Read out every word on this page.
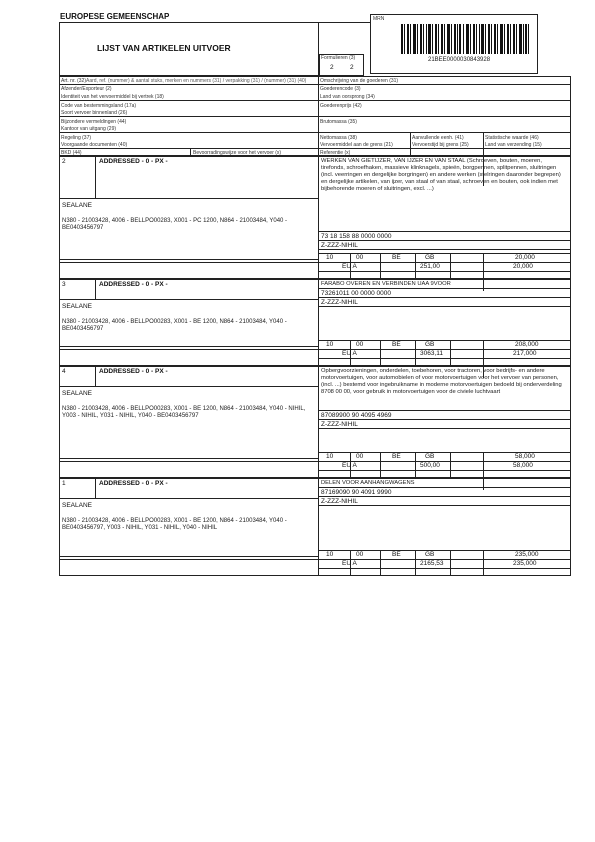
EUROPESE GEMEENSCHAP	MRN
21BEE0000030843928
LIJST VAN ARTIKELEN UITVOER
Formulieren (3)
2	2
Art. nr. (32) Aard, ref. (nummer) & aantal stuks, merken en nummers (31) / verpakking (31) / (nummer) (31) (40)	Omschrijving van de goederen (31)
Afzender/Exporteur (2)	Goederencode (3)
Identiteit van het vervoermiddel bij vertrek (18)	Land van oorsprong (34)
Code van bestemmingsland (17a)	Goederenprijs (42)
Soort vervoer binnenland (26)
Bijzondere vermeldingen (44)	Brutomassa (35)
Kantoor van uitgang (29)
Regeling (37)	Nettomassa (38)	Aanvullende eenh. (41)	Statistische waarde (46)
Voorgaande documenten (40)	Vervoermiddel aan de grens (21)	Vervoerstijd bij grens (25)	Land van verzending (15)
BKD (44)	Bevoorradingswijze voor het vervoer (x)	Referentie (x)
2	ADDRESSED - 0 - PX -	WERKEN VAN GIETIJZER, VAN IJZER EN VAN STAAL (Schroeven, bouten, moeren, tirefonds, schroefhaken, massieve klinknagels, spieën, borgpennen, splitpennen, sluitringen (incl. veerringen en dergelijke borgringen) en andere werken (stelringen daaronder begrepen) en dergelijke artikelen, van ijzer, van staal of van staal, schroeven en bouten, ook indien met bijbehorende moeren of sluitringen, excl. ...)
SEALANE
73 18 158 88 0000 0000
Z-ZZZ-NIHIL
N380 - 21003428, 4006 - BELLPO00283, X001 - PC 1200, N864 - 21003484, Y040 - BE0403456797
10	00	BE	GB	20,000
EU A	251,00	20,000
3	ADDRESSED - 0 - PX -	FARABO OVEREN EN VERBINDEN UAA 9VOOR
SEALANE
73261011 00 0000 0000
Z-ZZZ-NIHIL
N380 - 21003428, 4006 - BELLPO00283, X001 - BE 1200, N864 - 21003484, Y040 - BE0403456797
10	00	BE	GB	208,000
EU A	3063,11	217,000
4	ADDRESSED - 0 - PX -	Opbergvoorzieningen, onderdelen, toebehoren, voor tractoren, voor bedrijfs- en andere motorvoertuigen, voor automobielen of voor motorvoertuigen voor het vervoer van personen, (incl. ...) bestemd voor ingebruikname in moderne motorvoertuigen bedoeld bij onderverdeling 8708 00 00, voor gebruik in motorvoertuigen voor de civiele luchtvaart
SEALANE
87089900 90 4095 4969
Z-ZZZ-NIHIL
N380 - 21003428, 4006 - BELLPO00283, X001 - BE 1200, N864 - 21003484, Y040 - NIHIL, Y003 - NIHIL, Y031 - NIHIL, Y040 - BE0403456797
10	00	BE	GB	58,000
EU A	500,00	58,000
1	ADDRESSED - 0 - PX -	DELEN VOOR AANHANGWAGENS
SEALANE
87169090 90 4091 9990
Z-ZZZ-NIHIL
N380 - 21003428, 4006 - BELLPO00283, X001 - BE 1200, N864 - 21003484, Y040 - BE0403456797, Y003 - NIHIL, Y031 - NIHIL, Y040 - NIHIL
10	00	BE	GB	235,000
EU A	2165,53	235,000
